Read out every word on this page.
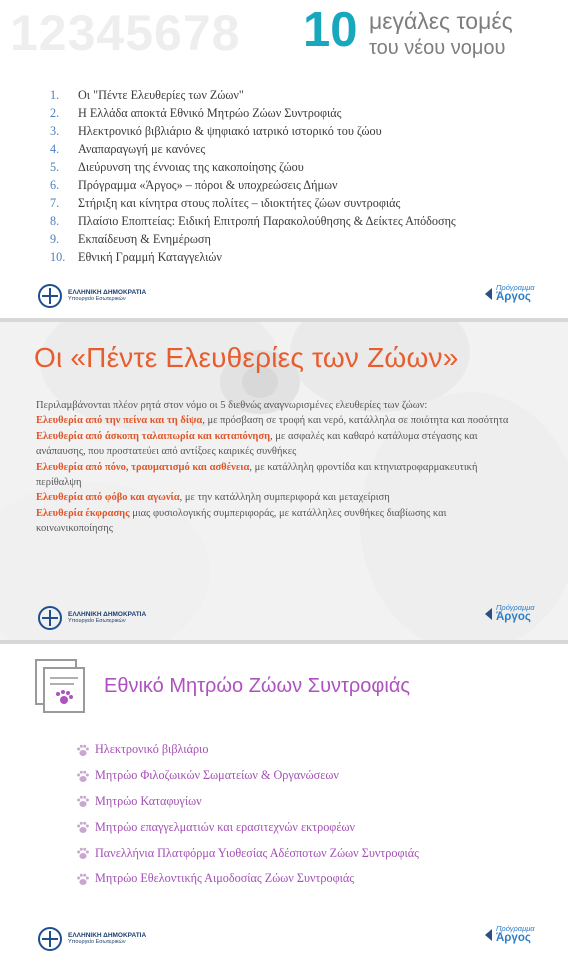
12345678 10 μεγάλες τομές
του νέου νομου
1.	Οι "Πέντε Ελευθερίες των Ζώων"
2.	Η Ελλάδα αποκτά Εθνικό Μητρώο Ζώων Συντροφιάς
3.	Ηλεκτρονικό βιβλιάριο & ψηφιακό ιατρικό ιστορικό του ζώου
4.	Αναπαραγωγή με κανόνες
5.	Διεύρυνση της έννοιας της κακοποίησης ζώου
6.	Πρόγραμμα «Άργος» – πόροι & υποχρεώσεις Δήμων
7.	Στήριξη και κίνητρα στους πολίτες – ιδιοκτήτες ζώων συντροφιάς
8.	Πλαίσιο Εποπτείας: Ειδική Επιτροπή Παρακολούθησης & Δείκτες Απόδοσης
9.	Εκπαίδευση & Ενημέρωση
10.	Εθνική Γραμμή Καταγγελιών
ΕΛΛΗΝΙΚΗ ΔΗΜΟΚΡΑΤΙΑ
Υπουργείο Εσωτερικών
Πρόγραμμα
Άργος
Οι «Πέντε Ελευθερίες των Ζώων»
Περιλαμβάνονται πλέον ρητά στον νόμο οι 5 διεθνώς αναγνωρισμένες ελευθερίες των ζώων:
Ελευθερία από την πείνα και τη δίψα, με πρόσβαση σε τροφή και νερό, κατάλληλα σε ποιότητα και ποσότητα
Ελευθερία από άσκοπη ταλαιπωρία και καταπόνηση, με ασφαλές και καθαρό κατάλυμα στέγασης και ανάπαυσης, που προστατεύει από αντίξοες καιρικές συνθήκες
Ελευθερία από πόνο, τραυματισμό και ασθένεια, με κατάλληλη φροντίδα και κτηνιατροφαρμακευτική περίθαλψη
Ελευθερία από φόβο και αγωνία, με την κατάλληλη συμπεριφορά και μεταχείριση
Ελευθερία έκφρασης μιας φυσιολογικής συμπεριφοράς, με κατάλληλες συνθήκες διαβίωσης και κοινωνικοποίησης
ΕΛΛΗΝΙΚΗ ΔΗΜΟΚΡΑΤΙΑ
Υπουργείο Εσωτερικών
Πρόγραμμα
Άργος
Εθνικό Μητρώο Ζώων Συντροφιάς
Ηλεκτρονικό βιβλιάριο
Μητρώο Φιλοζωικών Σωματείων & Οργανώσεων
Μητρώο Καταφυγίων
Μητρώο επαγγελματιών και ερασιτεχνών εκτροφέων
Πανελλήνια Πλατφόρμα Υιοθεσίας Αδέσποτων Ζώων Συντροφιάς
Μητρώο Εθελοντικής Αιμοδοσίας Ζώων Συντροφιάς
ΕΛΛΗΝΙΚΗ ΔΗΜΟΚΡΑΤΙΑ
Υπουργείο Εσωτερικών
Πρόγραμμα
Άργος
